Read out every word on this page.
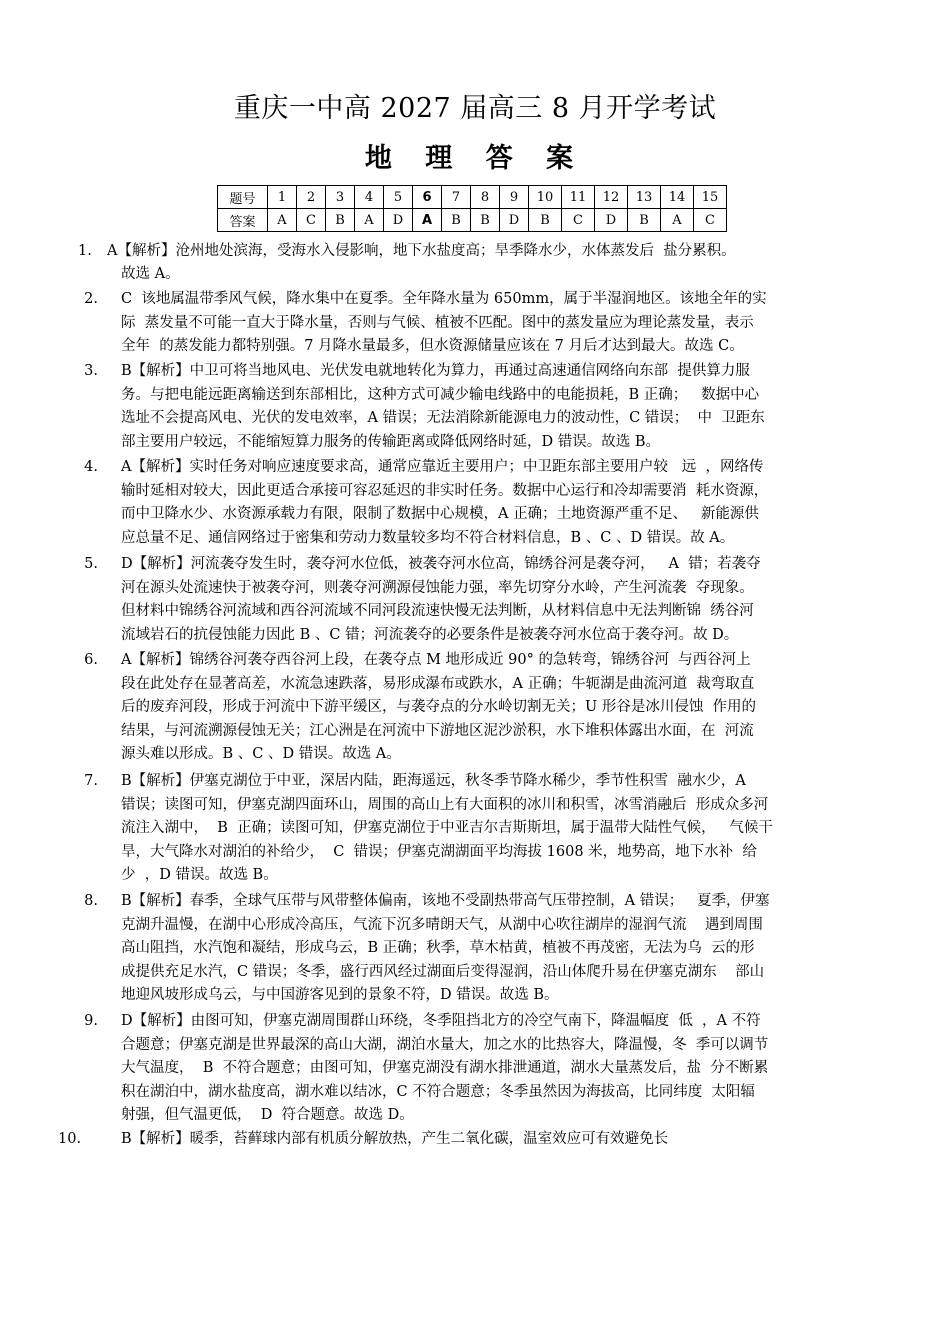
重庆一中高 2027 届高三 8 月开学考试
地 理 答 案
题号	1	2	3	4	5	6	7	8	9	10	11	12	13	14	15
答案	A	C	B	A	D	A	B	B	D	B	C	D	B	A	C
1.	A【解析】沧州地处滨海，受海水入侵影响，地下水盐度高；旱季降水少，水体蒸发后  盐分累积。
故选 A。
2. C  该地属温带季风气候，降水集中在夏季。全年降水量为 650mm，属于半湿润地区。该地全年的实
际  蒸发量不可能一直大于降水量，否则与气候、植被不匹配。图中的蒸发量应为理论蒸发量，表示
全年  的蒸发能力都特别强。7 月降水量最多，但水资源储量应该在 7 月后才达到最大。故选 C。
3. B【解析】中卫可将当地风电、光伏发电就地转化为算力，再通过高速通信网络向东部  提供算力服
务。与把电能远距离输送到东部相比，这种方式可减少输电线路中的电能损耗，B 正确；   数据中心
选址不会提高风电、光伏的发电效率，A 错误；无法消除新能源电力的波动性，C 错误；  中  卫距东
部主要用户较远，不能缩短算力服务的传输距离或降低网络时延，D 错误。故选 B。
4. A【解析】实时任务对响应速度要求高，通常应靠近主要用户；中卫距东部主要用户较   远  ，网络传
输时延相对较大，因此更适合承接可容忍延迟的非实时任务。数据中心运行和冷却需要消  耗水资源，
而中卫降水少、水资源承载力有限，限制了数据中心规模，A 正确；土地资源严重不足、   新能源供
应总量不足、通信网络过于密集和劳动力数量较多均不符合材料信息，B 、C 、D 错误。故 A。
5. D【解析】河流袭夺发生时，袭夺河水位低，被袭夺河水位高，锦绣谷河是袭夺河，   A  错；若袭夺
河在源头处流速快于被袭夺河，则袭夺河溯源侵蚀能力强，率先切穿分水岭，产生河流袭  夺现象。
但材料中锦绣谷河流域和西谷河流域不同河段流速快慢无法判断，从材料信息中无法判断锦  绣谷河
流域岩石的抗侵蚀能力因此 B 、C 错；河流袭夺的必要条件是被袭夺河水位高于袭夺河。故 D。
6. A【解析】锦绣谷河袭夺西谷河上段，在袭夺点 M 地形成近 90° 的急转弯，锦绣谷河  与西谷河上
段在此处存在显著高差，水流急速跌落，易形成瀑布或跌水，A 正确；牛轭湖是曲流河道  裁弯取直
后的废弃河段，形成于河流中下游平缓区，与袭夺点的分水岭切割无关；U 形谷是冰川侵蚀  作用的
结果，与河流溯源侵蚀无关；江心洲是在河流中下游地区泥沙淤积，水下堆积体露出水面，在  河流
源头难以形成。B 、C 、D 错误。故选 A。
7. B【解析】伊塞克湖位于中亚，深居内陆，距海遥远，秋冬季节降水稀少，季节性积雪  融水少，A
错误；读图可知，伊塞克湖四面环山，周围的高山上有大面积的冰川和积雪，冰雪消融后  形成众多河
流注入湖中，  B  正确；读图可知，伊塞克湖位于中亚吉尔吉斯斯坦，属于温带大陆性气候，   气候干
旱，大气降水对湖泊的补给少，  C  错误；伊塞克湖湖面平均海拔 1608 米，地势高，地下水补  给
少  ，D 错误。故选 B。
8. B【解析】春季，全球气压带与风带整体偏南，该地不受副热带高气压带控制，A 错误；   夏季，伊塞
克湖升温慢，在湖中心形成冷高压，气流下沉多晴朗天气，从湖中心吹往湖岸的湿润气流    遇到周围
高山阻挡，水汽饱和凝结，形成乌云，B 正确；秋季，草木枯黄，植被不再茂密，无法为乌  云的形
成提供充足水汽，C 错误；冬季，盛行西风经过湖面后变得湿润，沿山体爬升易在伊塞克湖东    部山
地迎风坡形成乌云，与中国游客见到的景象不符，D 错误。故选 B。
9. D【解析】由图可知，伊塞克湖周围群山环绕，冬季阻挡北方的冷空气南下，降温幅度  低  ，A 不符
合题意；伊塞克湖是世界最深的高山大湖，湖泊水量大，加之水的比热容大，降温慢，冬  季可以调节
大气温度，  B  不符合题意；由图可知，伊塞克湖没有湖水排泄通道，湖水大量蒸发后，盐  分不断累
积在湖泊中，湖水盐度高，湖水难以结冰，C 不符合题意；冬季虽然因为海拔高，比同纬度  太阳辐
射强，但气温更低，  D  符合题意。故选 D。
10.	B【解析】暖季，苔藓球内部有机质分解放热，产生二氧化碳，温室效应可有效避免长
